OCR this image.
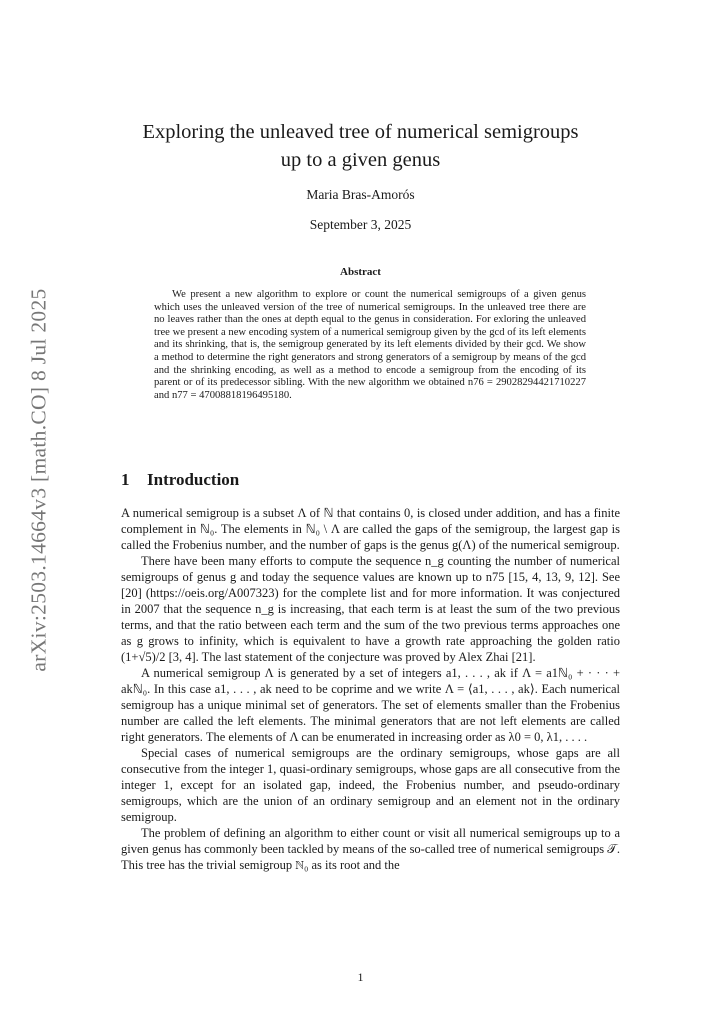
arXiv:2503.14664v3 [math.CO] 8 Jul 2025
Exploring the unleaved tree of numerical semigroups
up to a given genus
Maria Bras-Amorós
September 3, 2025
Abstract

We present a new algorithm to explore or count the numerical semigroups of a given genus which uses the unleaved version of the tree of numerical semigroups. In the unleaved tree there are no leaves rather than the ones at depth equal to the genus in consideration. For exloring the unleaved tree we present a new encoding system of a numerical semigroup given by the gcd of its left elements and its shrinking, that is, the semigroup generated by its left elements divided by their gcd. We show a method to determine the right generators and strong generators of a semigroup by means of the gcd and the shrinking encoding, as well as a method to encode a semigroup from the encoding of its parent or of its predecessor sibling. With the new algorithm we obtained n76 = 29028294421710227 and n77 = 47008818196495180.

1 Introduction

A numerical semigroup is a subset Λ of ℕ that contains 0, is closed under addition, and has a finite complement in ℕ₀. The elements in ℕ₀ \ Λ are called the gaps of the semigroup, the largest gap is called the Frobenius number, and the number of gaps is the genus g(Λ) of the numerical semigroup.

There have been many efforts to compute the sequence n_g counting the number of numerical semigroups of genus g and today the sequence values are known up to n75 [15, 4, 13, 9, 12]. See [20] (https://oeis.org/A007323) for the complete list and for more information. It was conjectured in 2007 that the sequence n_g is increasing, that each term is at least the sum of the two previous terms, and that the ratio between each term and the sum of the two previous terms approaches one as g grows to infinity, which is equivalent to have a growth rate approaching the golden ratio (1+√5)/2 [3, 4]. The last statement of the conjecture was proved by Alex Zhai [21].

A numerical semigroup Λ is generated by a set of integers a1, . . . , ak if Λ = a1ℕ₀ + · · · + akℕ₀. In this case a1, . . . , ak need to be coprime and we write Λ = ⟨a1, . . . , ak⟩. Each numerical semigroup has a unique minimal set of generators. The set of elements smaller than the Frobenius number are called the left elements. The minimal generators that are not left elements are called right generators. The elements of Λ can be enumerated in increasing order as λ0 = 0, λ1, . . . .

Special cases of numerical semigroups are the ordinary semigroups, whose gaps are all consecutive from the integer 1, quasi-ordinary semigroups, whose gaps are all consecutive from the integer 1, except for an isolated gap, indeed, the Frobenius number, and pseudo-ordinary semigroups, which are the union of an ordinary semigroup and an element not in the ordinary semigroup.

The problem of defining an algorithm to either count or visit all numerical semigroups up to a given genus has commonly been tackled by means of the so-called tree of numerical semigroups 𝒯. This tree has the trivial semigroup ℕ₀ as its root and the

1
